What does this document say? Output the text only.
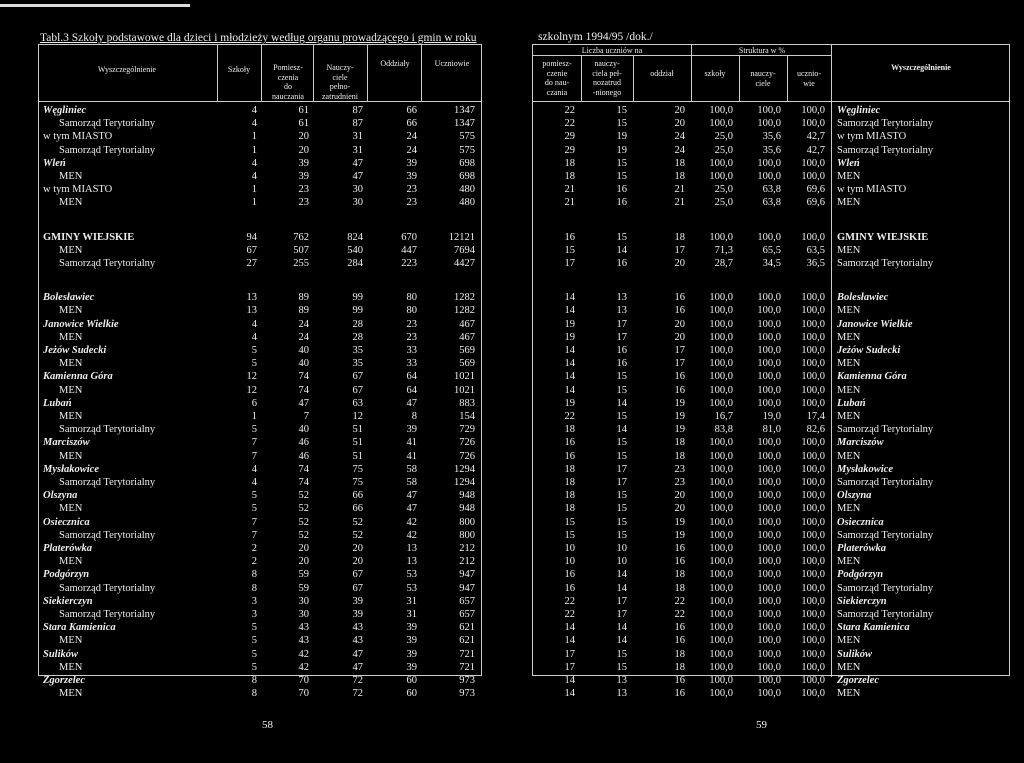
Tabl.3 Szkoły podstawowe dla dzieci i młodzieży według organu prowadzącego i gmin w roku
Wyszczególnienie	Szkoły	Pomiesz-
czenia
do
nauczania
Nauczy-
ciele
pełno-
zatrudnieni
Oddziały	Uczniowie
Węgliniec	4	61	87	66	1347
Samorząd Terytorialny	4	61	87	66	1347
w tym MIASTO	1	20	31	24	575
Samorząd Terytorialny	1	20	31	24	575
Wleń	4	39	47	39	698
MEN	4	39	47	39	698
w tym MIASTO	1	23	30	23	480
MEN	1	23	30	23	480
GMINY WIEJSKIE	94	762	824	670	12121
MEN	67	507	540	447	7694
Samorząd Terytorialny	27	255	284	223	4427
Bolesławiec	13	89	99	80	1282
MEN	13	89	99	80	1282
Janowice Wielkie	4	24	28	23	467
MEN	4	24	28	23	467
Jeżów Sudecki	5	40	35	33	569
MEN	5	40	35	33	569
Kamienna Góra	12	74	67	64	1021
MEN	12	74	67	64	1021
Lubań	6	47	63	47	883
MEN	1	7	12	8	154
Samorząd Terytorialny	5	40	51	39	729
Marciszów	7	46	51	41	726
MEN	7	46	51	41	726
Mysłakowice	4	74	75	58	1294
Samorząd Terytorialny	4	74	75	58	1294
Olszyna	5	52	66	47	948
MEN	5	52	66	47	948
Osiecznica	7	52	52	42	800
Samorząd Terytorialny	7	52	52	42	800
Platerówka	2	20	20	13	212
MEN	2	20	20	13	212
Podgórzyn	8	59	67	53	947
Samorząd Terytorialny	8	59	67	53	947
Siekierczyn	3	30	39	31	657
Samorząd Terytorialny	3	30	39	31	657
Stara Kamienica	5	43	43	39	621
MEN	5	43	43	39	621
Sulików	5	42	47	39	721
MEN	5	42	47	39	721
Zgorzelec	8	70	72	60	973
MEN	8	70	72	60	973
58
szkolnym 1994/95 /dok./
Liczba uczniów na	Struktura w %
pomiesz-
czenie
do nau-
czania
nauczy-
ciela peł-
nozatrud
-nionego
oddział	szkoły	nauczy-
ciele
ucznio-
wie
Wyszczególnienie
22	15	20 100,0 100,0 100,0 Węgliniec
22	15	20 100,0 100,0 100,0 Samorząd Terytorialny
29	19	24	25,0	35,6 42,7 w tym MIASTO
29	19	24	25,0	35,6 42,7 Samorząd Terytorialny
18	15	18 100,0 100,0 100,0 Wleń
18	15	18 100,0 100,0 100,0 MEN
21	16	21	25,0	63,8 69,6 w tym MIASTO
21	16	21	25,0	63,8 69,6 MEN
16	15	18 100,0 100,0 100,0 GMINY WIEJSKIE
15	14	17	71,3	65,5 63,5 MEN
17	16	20	28,7	34,5 36,5 Samorząd Terytorialny
14	13	16 100,0 100,0 100,0 Bolesławiec
14	13	16 100,0 100,0 100,0 MEN
19	17	20 100,0 100,0 100,0 Janowice Wielkie
19	17	20 100,0 100,0 100,0 MEN
14	16	17 100,0 100,0 100,0 Jeżów Sudecki
14	16	17 100,0 100,0 100,0 MEN
14	15	16 100,0 100,0 100,0 Kamienna Góra
14	15	16 100,0 100,0 100,0 MEN
19	14	19 100,0 100,0 100,0 Lubań
22	15	19	16,7	19,0 17,4 MEN
18	14	19	83,8	81,0 82,6 Samorząd Terytorialny
16	15	18 100,0 100,0 100,0 Marciszów
16	15	18 100,0 100,0 100,0 MEN
18	17	23 100,0 100,0 100,0 Mysłakowice
18	17	23 100,0 100,0 100,0 Samorząd Terytorialny
18	15	20 100,0 100,0 100,0 Olszyna
18	15	20 100,0 100,0 100,0 MEN
15	15	19 100,0 100,0 100,0 Osiecznica
15	15	19 100,0 100,0 100,0 Samorząd Terytorialny
10	10	16 100,0 100,0 100,0 Platerówka
10	10	16 100,0 100,0 100,0 MEN
16	14	18 100,0 100,0 100,0 Podgórzyn
16	14	18 100,0 100,0 100,0 Samorząd Terytorialny
22	17	22 100,0 100,0 100,0 Siekierczyn
22	17	22 100,0 100,0 100,0 Samorząd Terytorialny
14	14	16 100,0 100,0 100,0 Stara Kamienica
14	14	16 100,0 100,0 100,0 MEN
17	15	18 100,0 100,0 100,0 Sulików
17	15	18 100,0 100,0 100,0 MEN
14	13	16 100,0 100,0 100,0 Zgorzelec
14	13	16 100,0 100,0 100,0 MEN
59
